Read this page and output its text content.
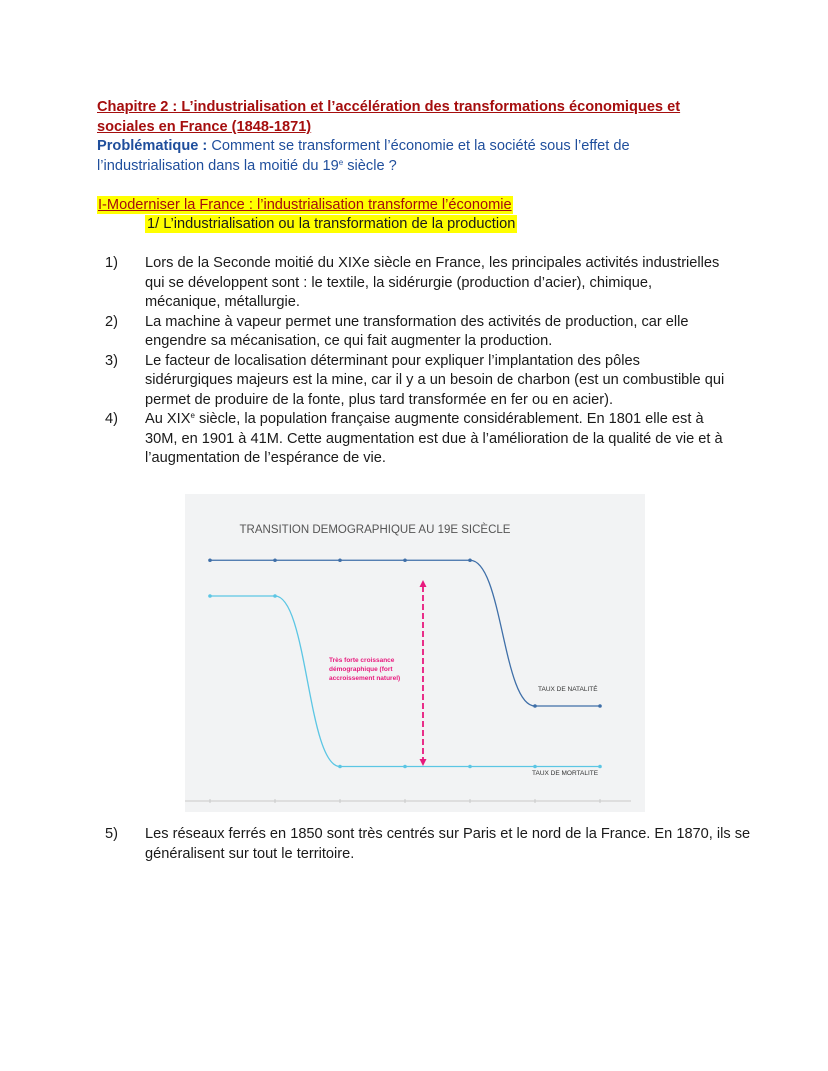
Chapitre 2 : L’industrialisation et l’accélération des transformations économiques et sociales en France (1848-1871)
Problématique : Comment se transforment l’économie et la société sous l’effet de l’industrialisation dans la moitié du 19e siècle ?
I-Moderniser la France : l’industrialisation transforme l’économie
1/ L’industrialisation ou la transformation de la production
1) Lors de la Seconde moitié du XIXe siècle en France, les principales activités industrielles qui se développent sont : le textile, la sidérurgie (production d’acier), chimique, mécanique, métallurgie.
2) La machine à vapeur permet une transformation des activités de production, car elle engendre sa mécanisation, ce qui fait augmenter la production.
3) Le facteur de localisation déterminant pour expliquer l’implantation des pôles sidérurgiques majeurs est la mine, car il y a un besoin de charbon (est un combustible qui permet de produire de la fonte, plus tard transformée en fer ou en acier).
4) Au XIXe siècle, la population française augmente considérablement. En 1801 elle est à 30M, en 1901 à 41M. Cette augmentation est due à l’amélioration de la qualité de vie et à l’augmentation de l’espérance de vie.
TRANSITION DEMOGRAPHIQUE AU 19E SICÈCLE
TAUX DE NATALITÉ
TAUX DE MORTALITE
Très forte croissance démographique (fort accroissement naturel)
5) Les réseaux ferrés en 1850 sont très centrés sur Paris et le nord de la France. En 1870, ils se généralisent sur tout le territoire.
